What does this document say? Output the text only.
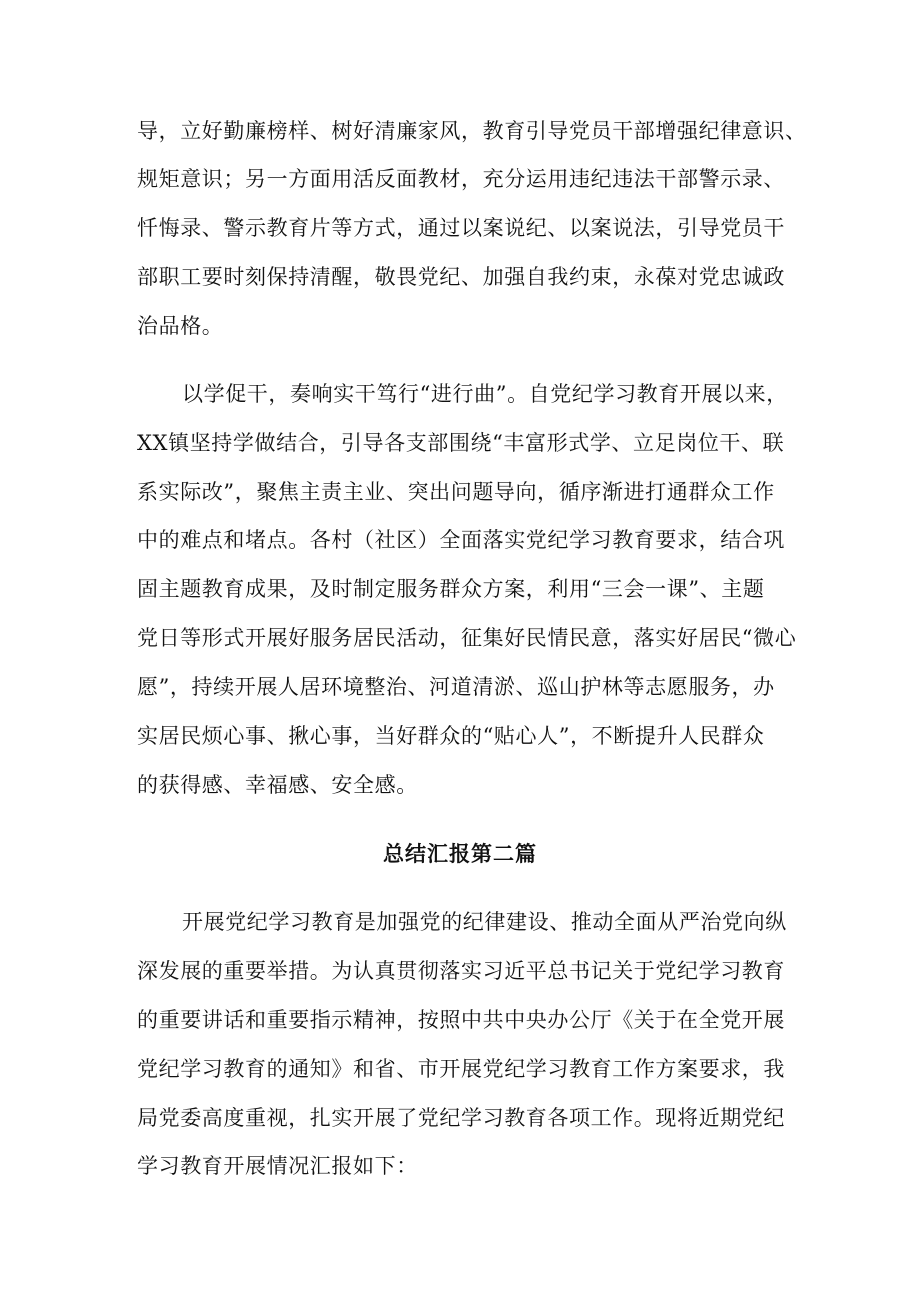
导，立好勤廉榜样、树好清廉家风，教育引导党员干部增强纪律意识、
规矩意识；另一方面用活反面教材，充分运用违纪违法干部警示录、
忏悔录、警示教育片等方式，通过以案说纪、以案说法，引导党员干
部职工要时刻保持清醒，敬畏党纪、加强自我约束，永葆对党忠诚政
治品格。
以学促干，奏响实干笃行“进行曲”。自党纪学习教育开展以来，
XX镇坚持学做结合，引导各支部围绕“丰富形式学、立足岗位干、联
系实际改”，聚焦主责主业、突出问题导向，循序渐进打通群众工作
中的难点和堵点。各村（社区）全面落实党纪学习教育要求，结合巩
固主题教育成果，及时制定服务群众方案，利用“三会一课”、主题
党日等形式开展好服务居民活动，征集好民情民意，落实好居民“微心
愿”，持续开展人居环境整治、河道清淤、巡山护林等志愿服务，办
实居民烦心事、揪心事，当好群众的“贴心人”，不断提升人民群众
的获得感、幸福感、安全感。
总结汇报第二篇
开展党纪学习教育是加强党的纪律建设、推动全面从严治党向纵
深发展的重要举措。为认真贯彻落实习近平总书记关于党纪学习教育
的重要讲话和重要指示精神，按照中共中央办公厅《关于在全党开展
党纪学习教育的通知》和省、市开展党纪学习教育工作方案要求，我
局党委高度重视，扎实开展了党纪学习教育各项工作。现将近期党纪
学习教育开展情况汇报如下：
